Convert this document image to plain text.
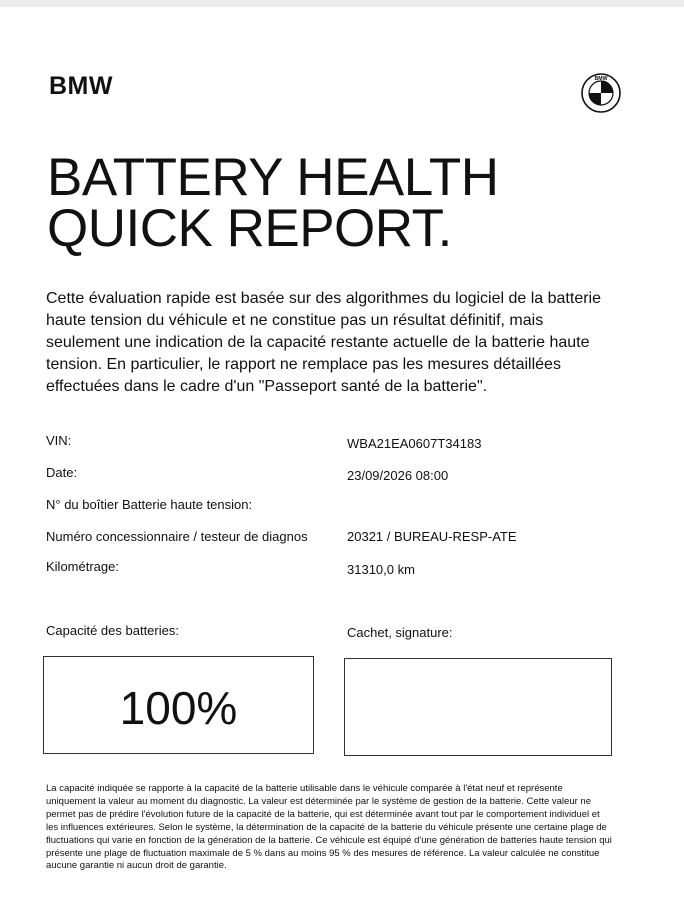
BMW	BMW
BATTERY HEALTH
QUICK REPORT.
Cette évaluation rapide est basée sur des algorithmes du logiciel de la batterie haute tension du véhicule et ne constitue pas un résultat définitif, mais seulement une indication de la capacité restante actuelle de la batterie haute tension. En particulier, le rapport ne remplace pas les mesures détaillées effectuées dans le cadre d'un "Passeport santé de la batterie".
VIN:	WBA21EA0607T34183
Date:	23/09/2026 08:00
N° du boîtier Batterie haute tension:
Numéro concessionnaire / testeur de diagnos	20321 / BUREAU-RESP-ATE
Kilométrage:	31310,0 km
Capacité des batteries:	Cachet, signature:
100%
La capacité indiquée se rapporte à la capacité de la batterie utilisable dans le véhicule comparée à l'état neuf et représente uniquement la valeur au moment du diagnostic. La valeur est déterminée par le système de gestion de la batterie. Cette valeur ne permet pas de prédire l'évolution future de la capacité de la batterie, qui est déterminée avant tout par le comportement individuel et les influences extérieures. Selon le système, la détermination de la capacité de la batterie du véhicule présente une certaine plage de fluctuations qui varie en fonction de la génération de la batterie. Ce véhicule est équipé d'une génération de batteries haute tension qui présente une plage de fluctuation maximale de 5 % dans au moins 95 % des mesures de référence. La valeur calculée ne constitue aucune garantie ni aucun droit de garantie.
